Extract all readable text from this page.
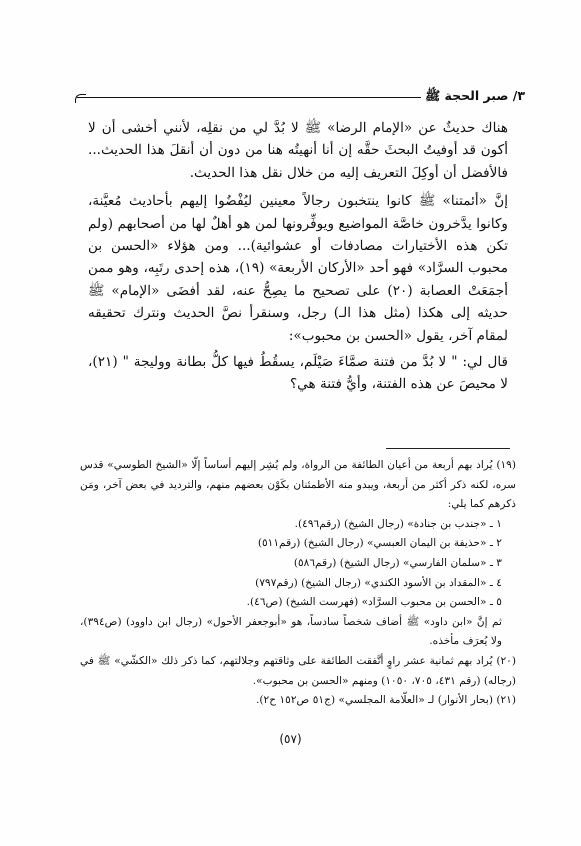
٣/ صبر الحجة ﷺ

هناك حديثٌ عن «الإمام الرضا» ﷺ لا بُدَّ لي من نقلِه، لأنني أخشى أن لا أكون قد أوفيتُ البحثَ حقَّه إن أنا أنهيتُه هنا من دون أن أنقلَ هذا الحديث... فالأفضل أن أوكِلَ التعريف إليه من خلال نقل هذا الحديث.

إنَّ «أئمتنا» ﷺ كانوا ينتخبون رجالاً معينين ليُفْضُوا إليهم بأحاديث مُعيَّنة، وكانوا يدَّخرون خاصَّة المواضيع ويوفِّرونها لمن هو أهلٌ لها من أصحابهم (ولم تكن هذه الأختيارات مصادفات أو عشوائية)... ومن هؤلاء «الحسن بن محبوب السرَّاد» فهو أحد «الأركان الأربعة» (١٩)، هذه إحدى رتَبِه، وهو ممن أجمَعَتْ العصابة (٢٠) على تصحيح ما يصِحُّ عنه، لقد أفضَى «الإمام» ﷺ حديثه إلى هكذا (مثل هذا الـ) رجل، وسنقرأ نصَّ الحديث ونترك تحقيقه لمقام آخر، يقول «الحسن بن محبوب»:

قال لي: " لا بُدَّ من فتنة صمَّاءَ صَيْلَم، يسقُطُ فيها كلُّ بطانة ووليجة " (٢١)، لا محيصَ عن هذه الفتنة، وأيُّ فتنة هي؟

(١٩) يُراد بهم أربعة من أعيان الطائفة من الرواة، ولم يُشِر إليهم أساساً إلّا «الشيخ الطوسي» قدس سره، لكنه ذكر أكثر من أربعة، ويبدو منه الأطمئنان بكَوْن بعضهم منهم، والترديد في بعض آخر، ومَن ذكرهم كما يلي:

١ ـ «جندب بن جنادة» (رجال الشيخ) (رقم٤٩٦).

٢ ـ «حذيفة بن اليمان العبسي» (رجال الشيخ) (رقم٥١١)

٣ ـ «سلمان الفارسي» (رجال الشيخ) (رقم٥٨٦)

٤ ـ «المقداد بن الأسود الكندي» (رجال الشيخ) (رقم٧٩٧)

٥ ـ «الحسن بن محبوب السرَّاد» (فهرست الشيخ) (ص٤٦).

ثم إنَّ «ابن داود» ﷺ أضاف شخصاً سادساً، هو «أبوجعفر الأحول» (رجال ابن داوود) (ص٣٩٤)، ولا يُعرَف مأخذه.

(٢٠) يُراد بهم ثمانية عشر راوٍ أتَّفقت الطائفة على وثاقتهم وجلالتهم، كما ذكر ذلك «الكشّي» ﷺ في (رجاله) (رقم ٤٣١، ٧٠٥، ١٠٥٠) ومنهم «الحسن بن محبوب».

(٢١) (بحار الأنوار) لـ «العلّامة المجلسي» (ج٥١ ص١٥٢ ح٢).

(٥٧)
